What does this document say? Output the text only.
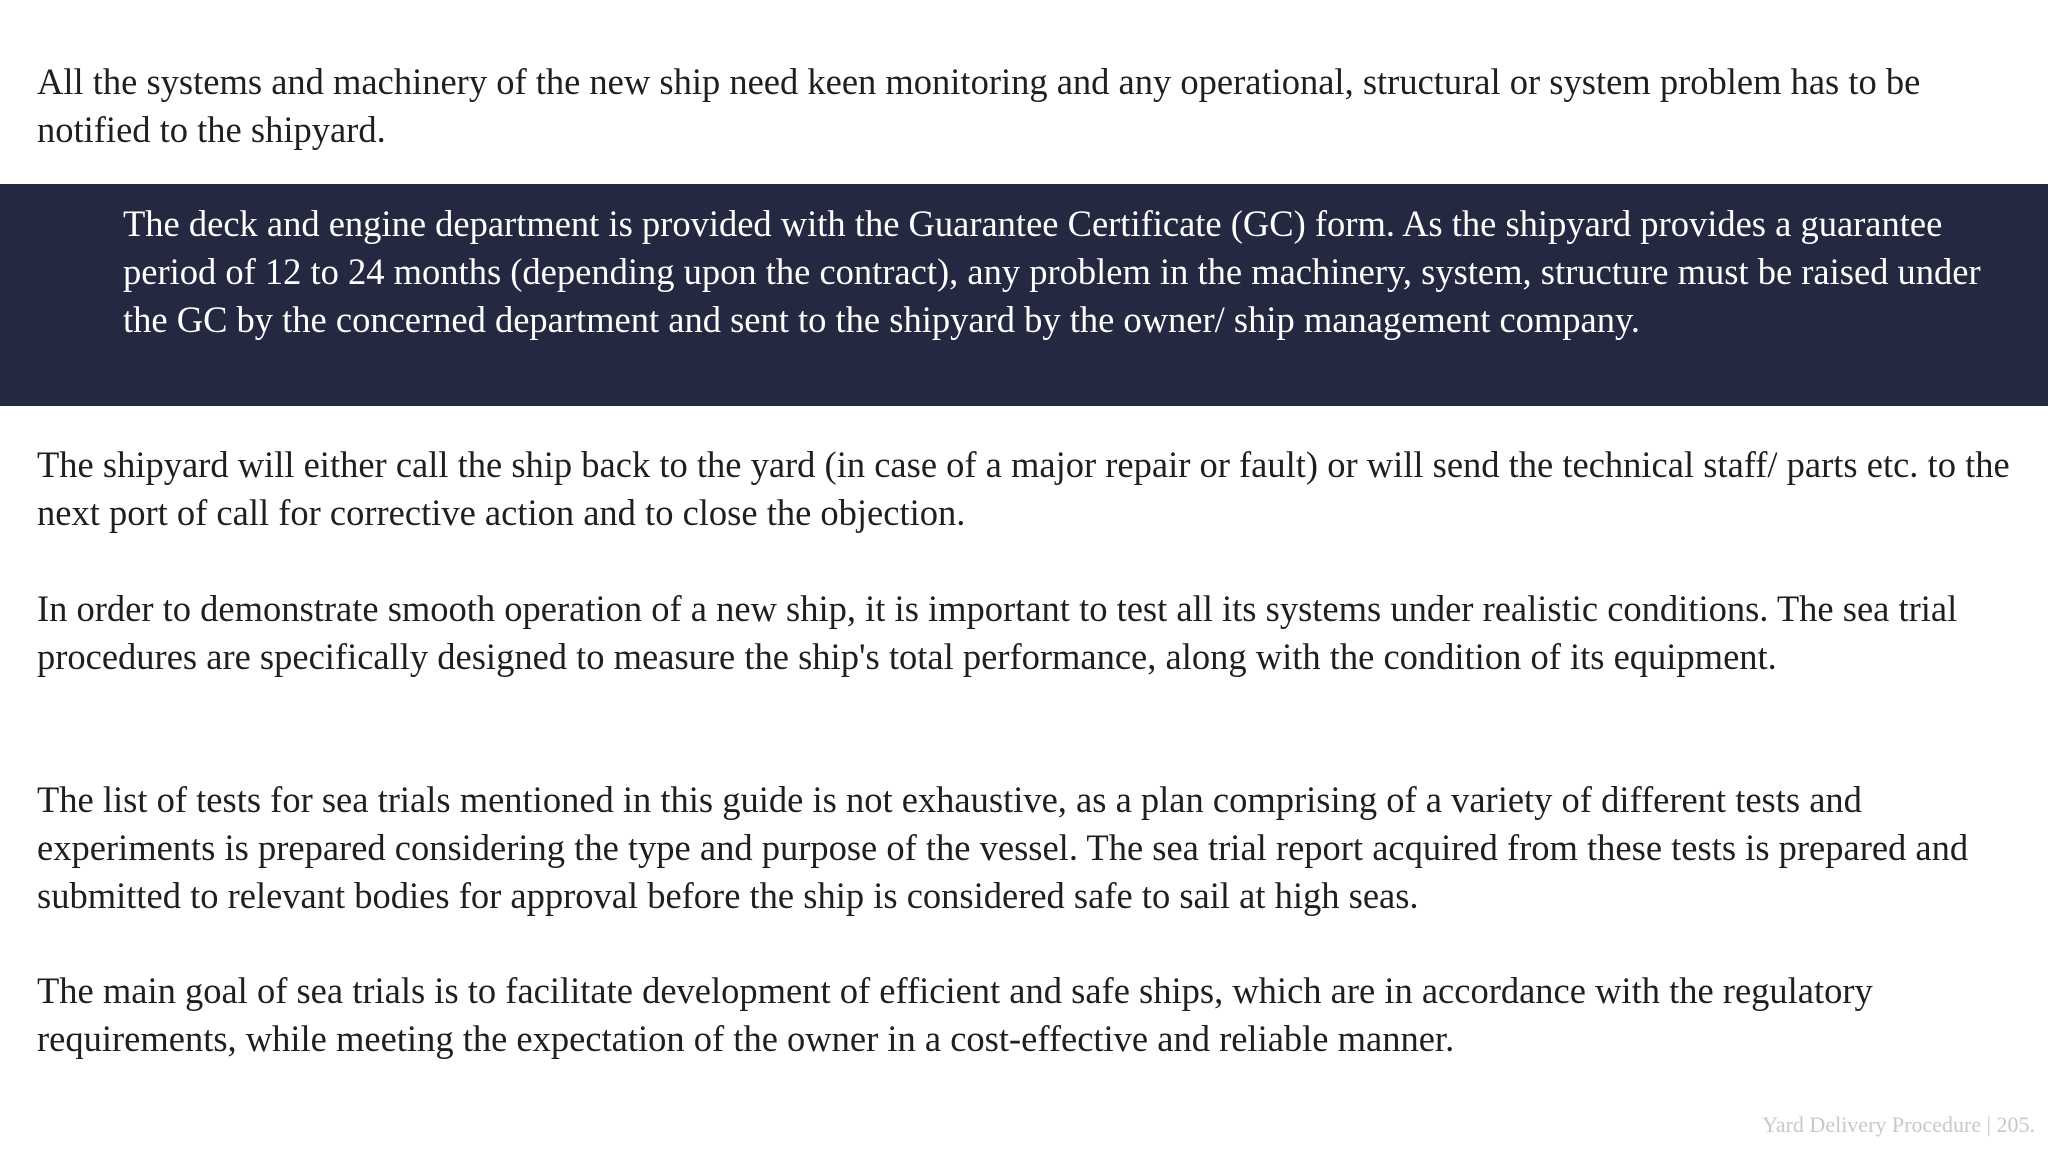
All the systems and machinery of the new ship need keen monitoring and any operational, structural or system problem has to be notified to the shipyard.

The deck and engine department is provided with the Guarantee Certificate (GC) form. As the shipyard provides a guarantee period of 12 to 24 months (depending upon the contract), any problem in the machinery, system, structure must be raised under the GC by the concerned department and sent to the shipyard by the owner/ ship management company.

The shipyard will either call the ship back to the yard (in case of a major repair or fault) or will send the technical staff/ parts etc. to the next port of call for corrective action and to close the objection.

In order to demonstrate smooth operation of a new ship, it is important to test all its systems under realistic conditions. The sea trial procedures are specifically designed to measure the ship's total performance, along with the condition of its equipment.

The list of tests for sea trials mentioned in this guide is not exhaustive, as a plan comprising of a variety of different tests and experiments is prepared considering the type and purpose of the vessel. The sea trial report acquired from these tests is prepared and submitted to relevant bodies for approval before the ship is considered safe to sail at high seas.

The main goal of sea trials is to facilitate development of efficient and safe ships, which are in accordance with the regulatory requirements, while meeting the expectation of the owner in a cost-effective and reliable manner.

Yard Delivery Procedure | 205.
